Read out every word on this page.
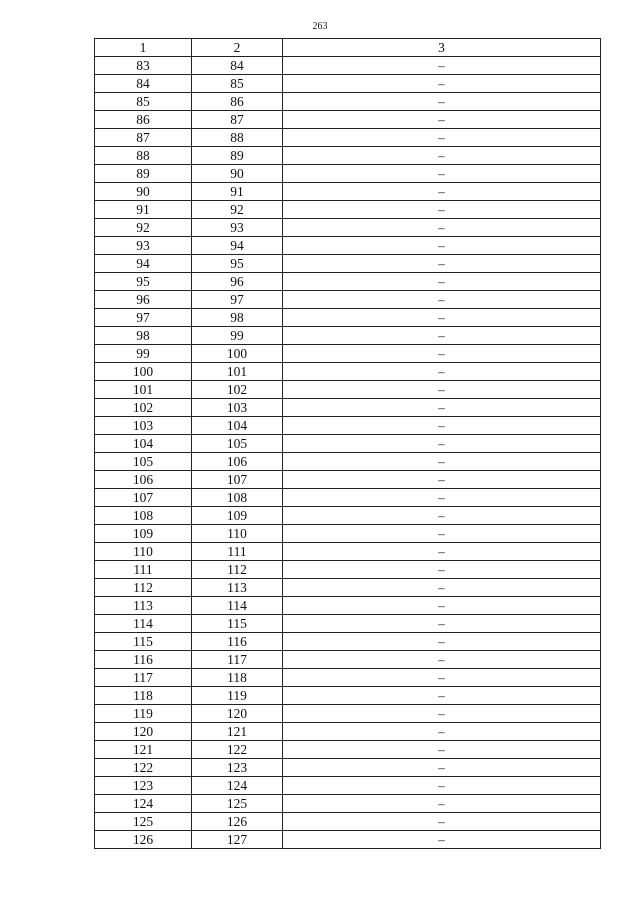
263
1	2	3
83	84	–
84	85	–
85	86	–
86	87	–
87	88	–
88	89	–
89	90	–
90	91	–
91	92	–
92	93	–
93	94	–
94	95	–
95	96	–
96	97	–
97	98	–
98	99	–
99	100	–
100	101	–
101	102	–
102	103	–
103	104	–
104	105	–
105	106	–
106	107	–
107	108	–
108	109	–
109	110	–
110	111	–
111	112	–
112	113	–
113	114	–
114	115	–
115	116	–
116	117	–
117	118	–
118	119	–
119	120	–
120	121	–
121	122	–
122	123	–
123	124	–
124	125	–
125	126	–
126	127	–
